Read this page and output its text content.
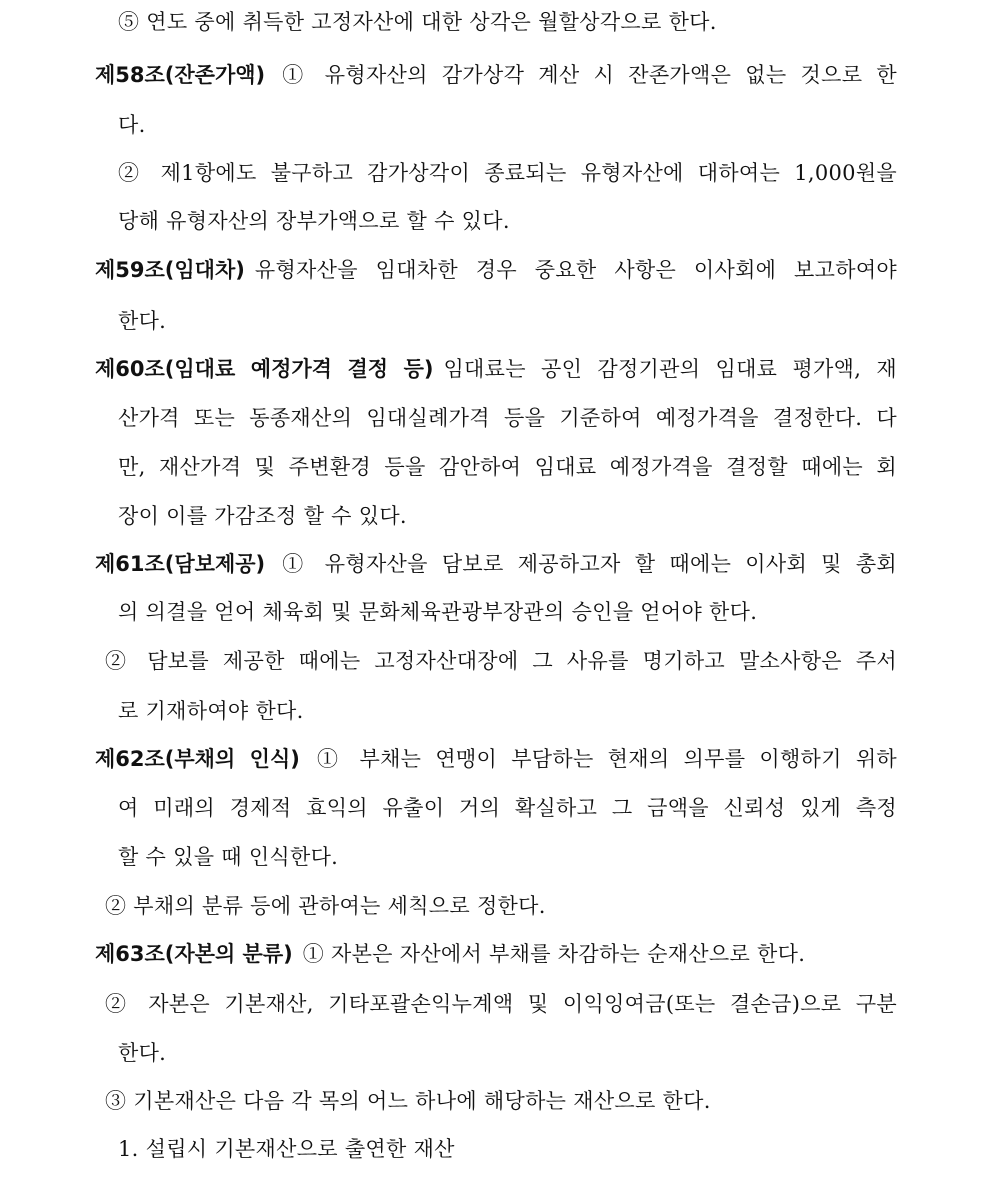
⑤ 연도 중에 취득한 고정자산에 대한 상각은 월할상각으로 한다.
제58조(잔존가액) ① 유형자산의 감가상각 계산 시 잔존가액은 없는 것으로 한
다.
② 제1항에도 불구하고 감가상각이 종료되는 유형자산에 대하여는 1,000원을
당해 유형자산의 장부가액으로 할 수 있다.
제59조(임대차) 유형자산을 임대차한 경우 중요한 사항은 이사회에 보고하여야
한다.
제60조(임대료 예정가격 결정 등) 임대료는 공인 감정기관의 임대료 평가액, 재
산가격 또는 동종재산의 임대실례가격 등을 기준하여 예정가격을 결정한다. 다
만, 재산가격 및 주변환경 등을 감안하여 임대료 예정가격을 결정할 때에는 회
장이 이를 가감조정 할 수 있다.
제61조(담보제공) ① 유형자산을 담보로 제공하고자 할 때에는 이사회 및 총회
의 의결을 얻어 체육회 및 문화체육관광부장관의 승인을 얻어야 한다.
② 담보를 제공한 때에는 고정자산대장에 그 사유를 명기하고 말소사항은 주서
로 기재하여야 한다.
제62조(부채의 인식) ① 부채는 연맹이 부담하는 현재의 의무를 이행하기 위하
여 미래의 경제적 효익의 유출이 거의 확실하고 그 금액을 신뢰성 있게 측정
할 수 있을 때 인식한다.
② 부채의 분류 등에 관하여는 세칙으로 정한다.
제63조(자본의 분류) ① 자본은 자산에서 부채를 차감하는 순재산으로 한다.
② 자본은 기본재산, 기타포괄손익누계액 및 이익잉여금(또는 결손금)으로 구분
한다.
③ 기본재산은 다음 각 목의 어느 하나에 해당하는 재산으로 한다.
1. 설립시 기본재산으로 출연한 재산
